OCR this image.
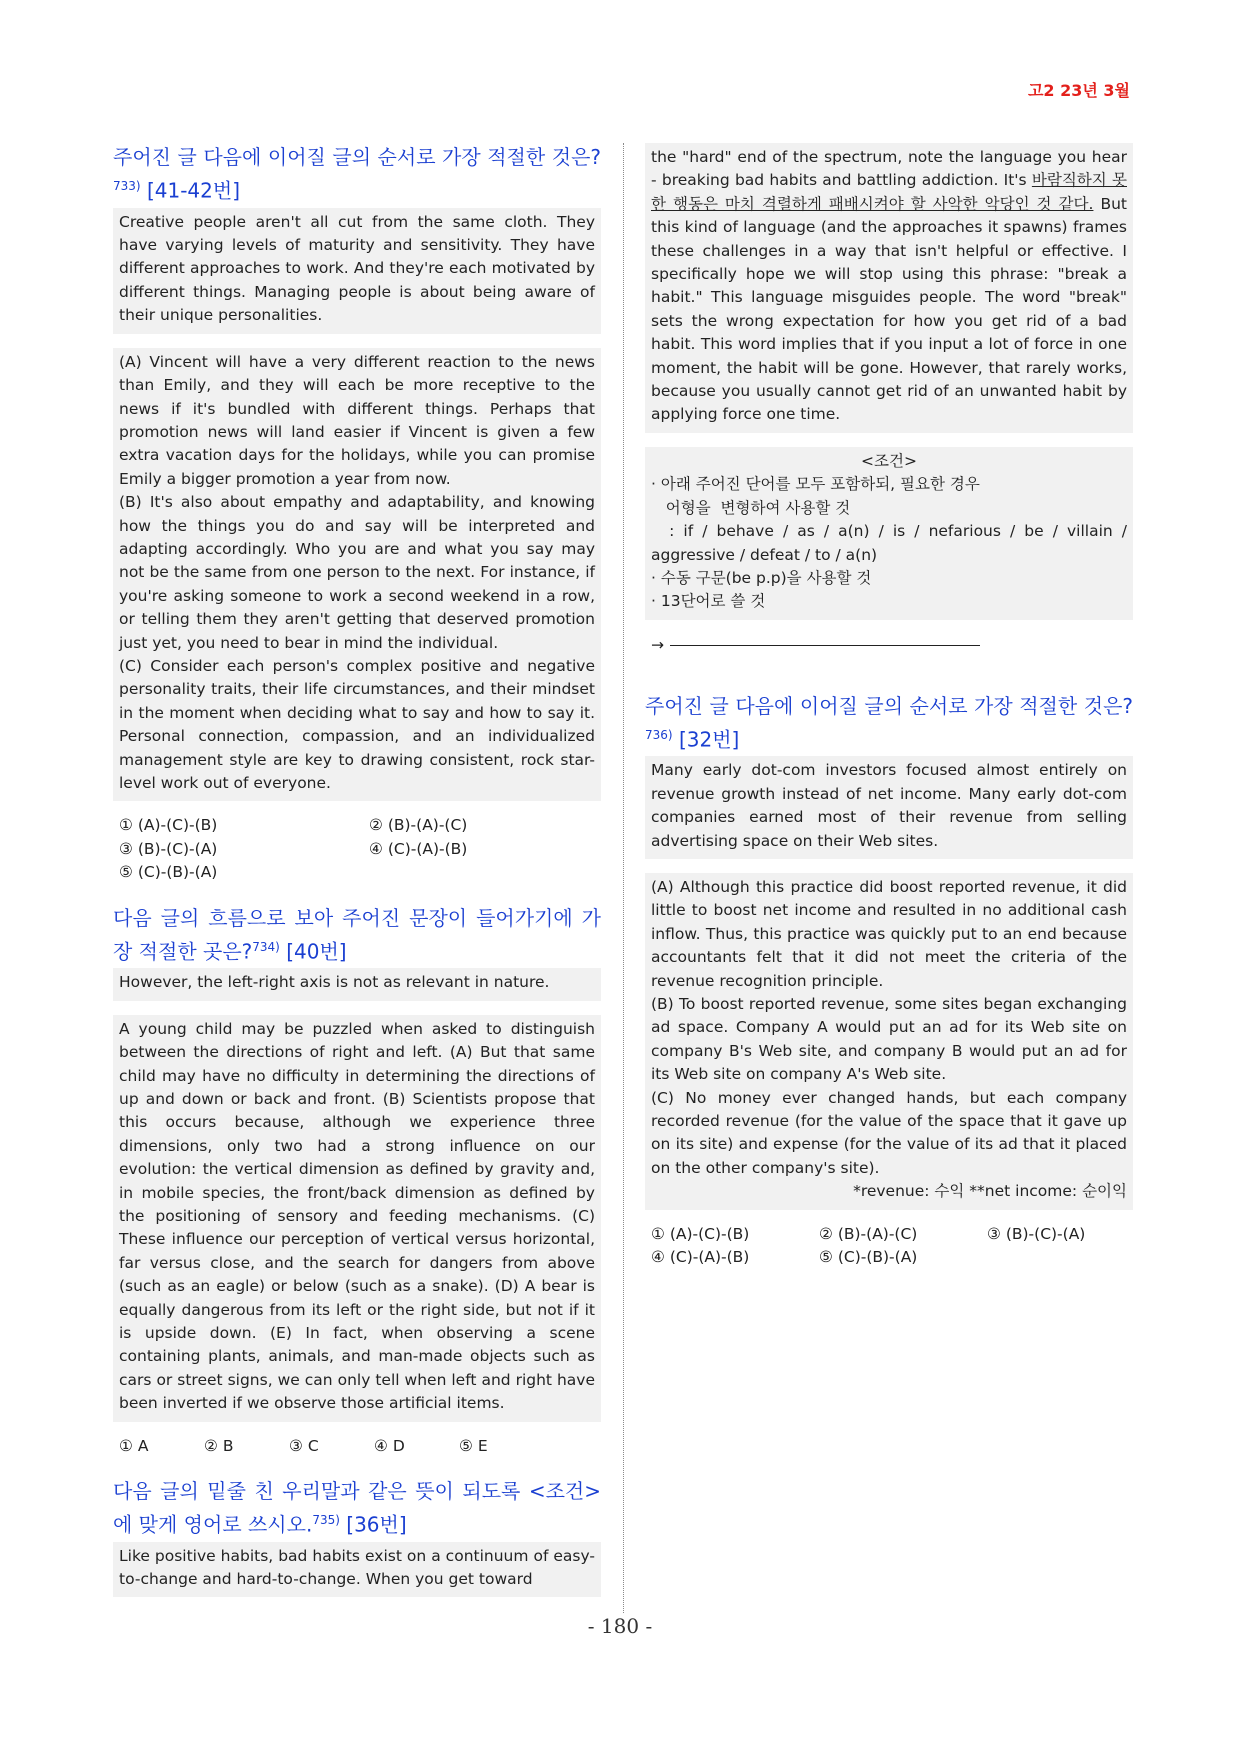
고2 23년 3월
주어진 글 다음에 이어질 글의 순서로 가장 적절한 것은?$^{733)}$ [41-42번]

Creative people aren't all cut from the same cloth. They have varying levels of maturity and sensitivity. They have different approaches to work. And they're each motivated by different things. Managing people is about being aware of their unique personalities.

(A) Vincent will have a very different reaction to the news than Emily, and they will each be more receptive to the news if it's bundled with different things. Perhaps that promotion news will land easier if Vincent is given a few extra vacation days for the holidays, while you can promise Emily a bigger promotion a year from now.

(B) It's also about empathy and adaptability, and knowing how the things you do and say will be interpreted and adapting accordingly. Who you are and what you say may not be the same from one person to the next. For instance, if you're asking someone to work a second weekend in a row, or telling them they aren't getting that deserved promotion just yet, you need to bear in mind the individual.

(C) Consider each person's complex positive and negative personality traits, their life circumstances, and their mindset in the moment when deciding what to say and how to say it. Personal connection, compassion, and an individualized management style are key to drawing consistent, rock star-level work out of everyone.

① (A)-(C)-(B)	② (B)-(A)-(C)
③ (B)-(C)-(A)	④ (C)-(A)-(B)
⑤ (C)-(B)-(A)
다음 글의 흐름으로 보아 주어진 문장이 들어가기에 가장 적절한 곳은?$^{734)}$ [40번]

However, the left-right axis is not as relevant in nature.

A young child may be puzzled when asked to distinguish between the directions of right and left. (A) But that same child may have no difficulty in determining the directions of up and down or back and front. (B) Scientists propose that this occurs because, although we experience three dimensions, only two had a strong influence on our evolution: the vertical dimension as defined by gravity and, in mobile species, the front/back dimension as defined by the positioning of sensory and feeding mechanisms. (C) These influence our perception of vertical versus horizontal, far versus close, and the search for dangers from above (such as an eagle) or below (such as a snake). (D) A bear is equally dangerous from its left or the right side, but not if it is upside down. (E) In fact, when observing a scene containing plants, animals, and man-made objects such as cars or street signs, we can only tell when left and right have been inverted if we observe those artificial items.

① A	② B	③ C	④ D	⑤ E
다음 글의 밑줄 친 우리말과 같은 뜻이 되도록 <조건>에 맞게 영어로 쓰시오.$^{735)}$ [36번]

Like positive habits, bad habits exist on a continuum of easy-to-change and hard-to-change. When you get toward

the "hard" end of the spectrum, note the language you hear - breaking bad habits and battling addiction. It's 바람직하지 못한 행동은 마치 격렬하게 패배시켜야 할 사악한 악당인 것 같다. But this kind of language (and the approaches it spawns) frames these challenges in a way that isn't helpful or effective. I specifically hope we will stop using this phrase: "break a habit." This language misguides people. The word "break" sets the wrong expectation for how you get rid of a bad habit. This word implies that if you input a lot of force in one moment, the habit will be gone. However, that rarely works, because you usually cannot get rid of an unwanted habit by applying force one time.

<조건>

· 아래 주어진 단어를 모두 포함하되, 필요한 경우

어형을  변형하여 사용할 것

: if / behave / as / a(n) / is / nefarious / be / villain / aggressive / defeat / to / a(n)

· 수동 구문(be p.p)을 사용할 것

· 13단어로 쓸 것

→
주어진 글 다음에 이어질 글의 순서로 가장 적절한 것은?$^{736)}$ [32번]

Many early dot-com investors focused almost entirely on revenue growth instead of net income. Many early dot-com companies earned most of their revenue from selling advertising space on their Web sites.

(A) Although this practice did boost reported revenue, it did little to boost net income and resulted in no additional cash inflow. Thus, this practice was quickly put to an end because accountants felt that it did not meet the criteria of the revenue recognition principle.

(B) To boost reported revenue, some sites began exchanging ad space. Company A would put an ad for its Web site on company B's Web site, and company B would put an ad for its Web site on company A's Web site.

(C) No money ever changed hands, but each company recorded revenue (for the value of the space that it gave up on its site) and expense (for the value of its ad that it placed on the other company's site).

*revenue: 수익 **net income: 순이익

① (A)-(C)-(B)	② (B)-(A)-(C)	③ (B)-(C)-(A)
④ (C)-(A)-(B)	⑤ (C)-(B)-(A)
- 180 -
